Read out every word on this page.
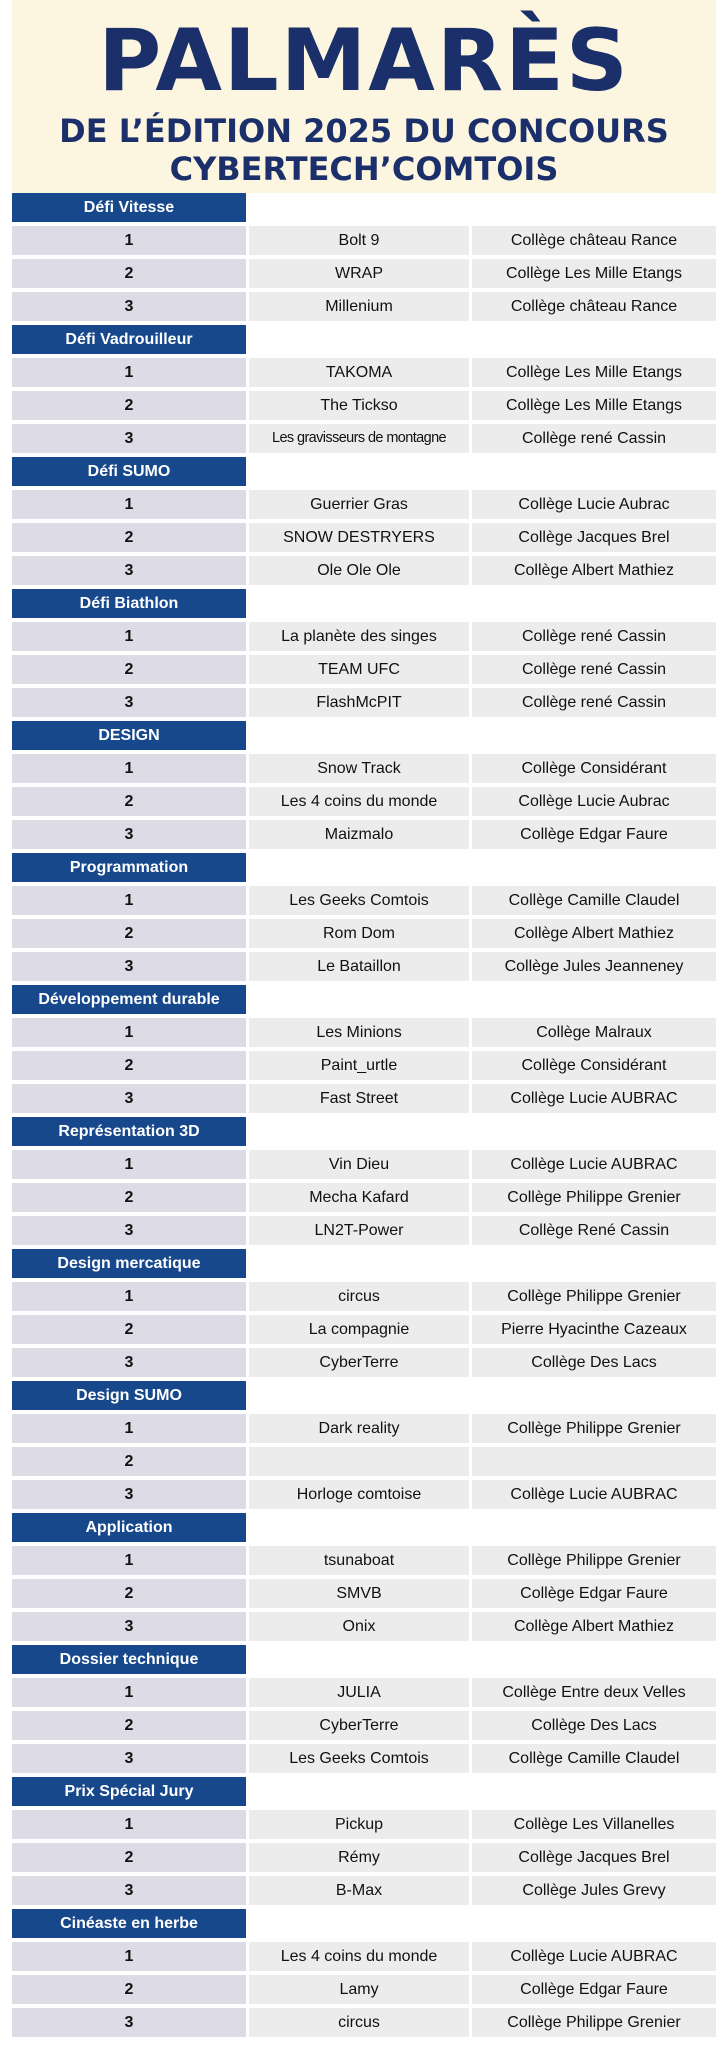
PALMARÈS
DE L’ÉDITION 2025 DU CONCOURS
CYBERTECH’COMTOIS
Défi Vitesse
1	Bolt 9	Collège château Rance
2	WRAP	Collège Les Mille Etangs
3	Millenium	Collège château Rance
Défi Vadrouilleur
1	TAKOMA	Collège Les Mille Etangs
2	The Tickso	Collège Les Mille Etangs
3	Les gravisseurs de montagne	Collège rené Cassin
Défi SUMO
1	Guerrier Gras	Collège Lucie Aubrac
2	SNOW DESTRYERS	Collège Jacques Brel
3	Ole Ole Ole	Collège Albert Mathiez
Défi Biathlon
1	La planète des singes	Collège rené Cassin
2	TEAM UFC	Collège rené Cassin
3	FlashMcPIT	Collège rené Cassin
DESIGN
1	Snow Track	Collège Considérant
2	Les 4 coins du monde	Collège Lucie Aubrac
3	Maizmalo	Collège Edgar Faure
Programmation
1	Les Geeks Comtois	Collège Camille Claudel
2	Rom Dom	Collège Albert Mathiez
3	Le Bataillon	Collège Jules Jeanneney
Développement durable
1	Les Minions	Collège Malraux
2	Paint_urtle	Collège Considérant
3	Fast Street	Collège Lucie AUBRAC
Représentation 3D
1	Vin Dieu	Collège Lucie AUBRAC
2	Mecha Kafard	Collège Philippe Grenier
3	LN2T-Power	Collège René Cassin
Design mercatique
1	circus	Collège Philippe Grenier
2	La compagnie	Pierre Hyacinthe Cazeaux
3	CyberTerre	Collège Des Lacs
Design SUMO
1	Dark reality	Collège Philippe Grenier
2
3	Horloge comtoise	Collège Lucie AUBRAC
Application
1	tsunaboat	Collège Philippe Grenier
2	SMVB	Collège Edgar Faure
3	Onix	Collège Albert Mathiez
Dossier technique
1	JULIA	Collège Entre deux Velles
2	CyberTerre	Collège Des Lacs
3	Les Geeks Comtois	Collège Camille Claudel
Prix Spécial Jury
1	Pickup	Collège Les Villanelles
2	Rémy	Collège Jacques Brel
3	B-Max	Collège Jules Grevy
Cinéaste en herbe
1	Les 4 coins du monde	Collège Lucie AUBRAC
2	Lamy	Collège Edgar Faure
3	circus	Collège Philippe Grenier
